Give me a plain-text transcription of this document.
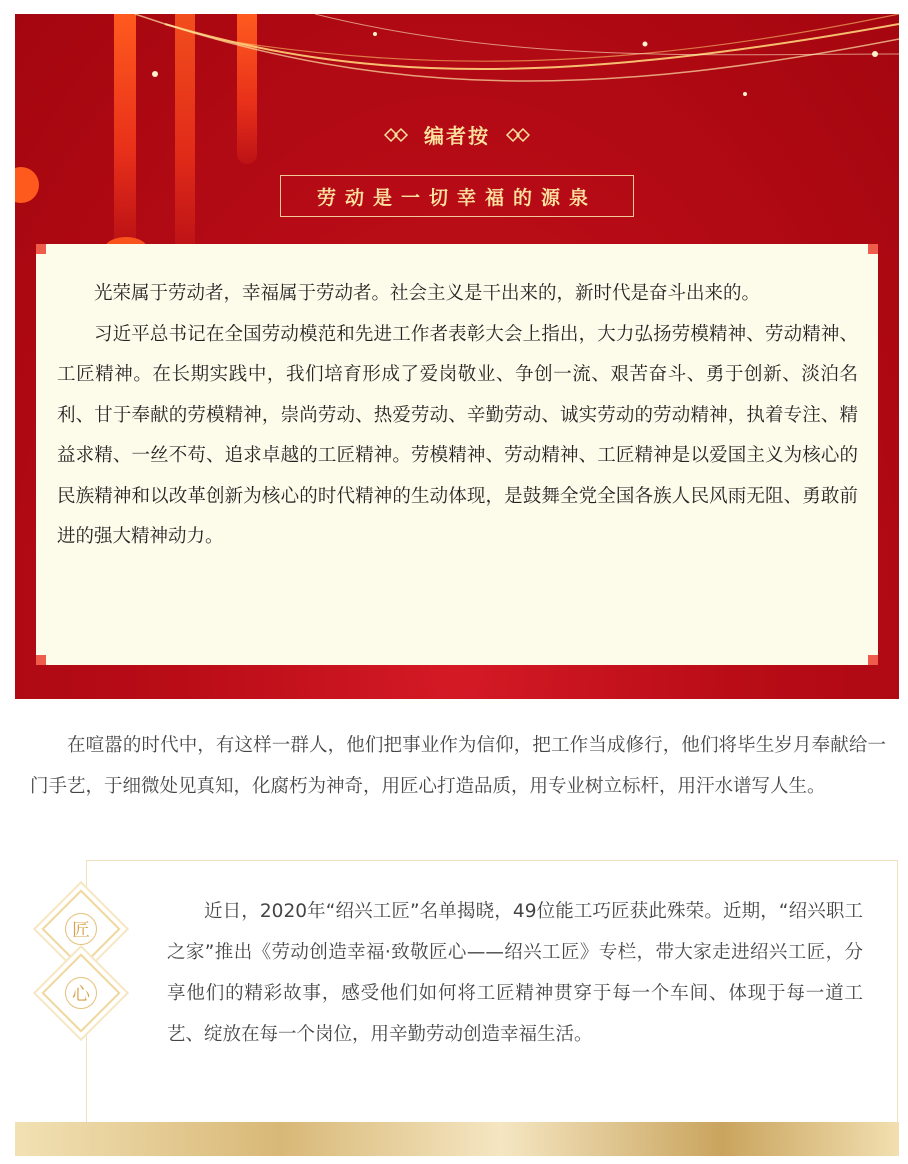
编者按
劳动是一切幸福的源泉

光荣属于劳动者，幸福属于劳动者。社会主义是干出来的，新时代是奋斗出来的。

习近平总书记在全国劳动模范和先进工作者表彰大会上指出，大力弘扬劳模精神、劳动精神、工匠精神。在长期实践中，我们培育形成了爱岗敬业、争创一流、艰苦奋斗、勇于创新、淡泊名利、甘于奉献的劳模精神，崇尚劳动、热爱劳动、辛勤劳动、诚实劳动的劳动精神，执着专注、精益求精、一丝不苟、追求卓越的工匠精神。劳模精神、劳动精神、工匠精神是以爱国主义为核心的民族精神和以改革创新为核心的时代精神的生动体现，是鼓舞全党全国各族人民风雨无阻、勇敢前进的强大精神动力。

在喧嚣的时代中，有这样一群人，他们把事业作为信仰，把工作当成修行，他们将毕生岁月奉献给一门手艺，于细微处见真知，化腐朽为神奇，用匠心打造品质，用专业树立标杆，用汗水谱写人生。

近日，2020年“绍兴工匠”名单揭晓，49位能工巧匠获此殊荣。近期，“绍兴职工之家”推出《劳动创造幸福·致敬匠心——绍兴工匠》专栏，带大家走进绍兴工匠，分享他们的精彩故事，感受他们如何将工匠精神贯穿于每一个车间、体现于每一道工艺、绽放在每一个岗位，用辛勤劳动创造幸福生活。

匠
心
